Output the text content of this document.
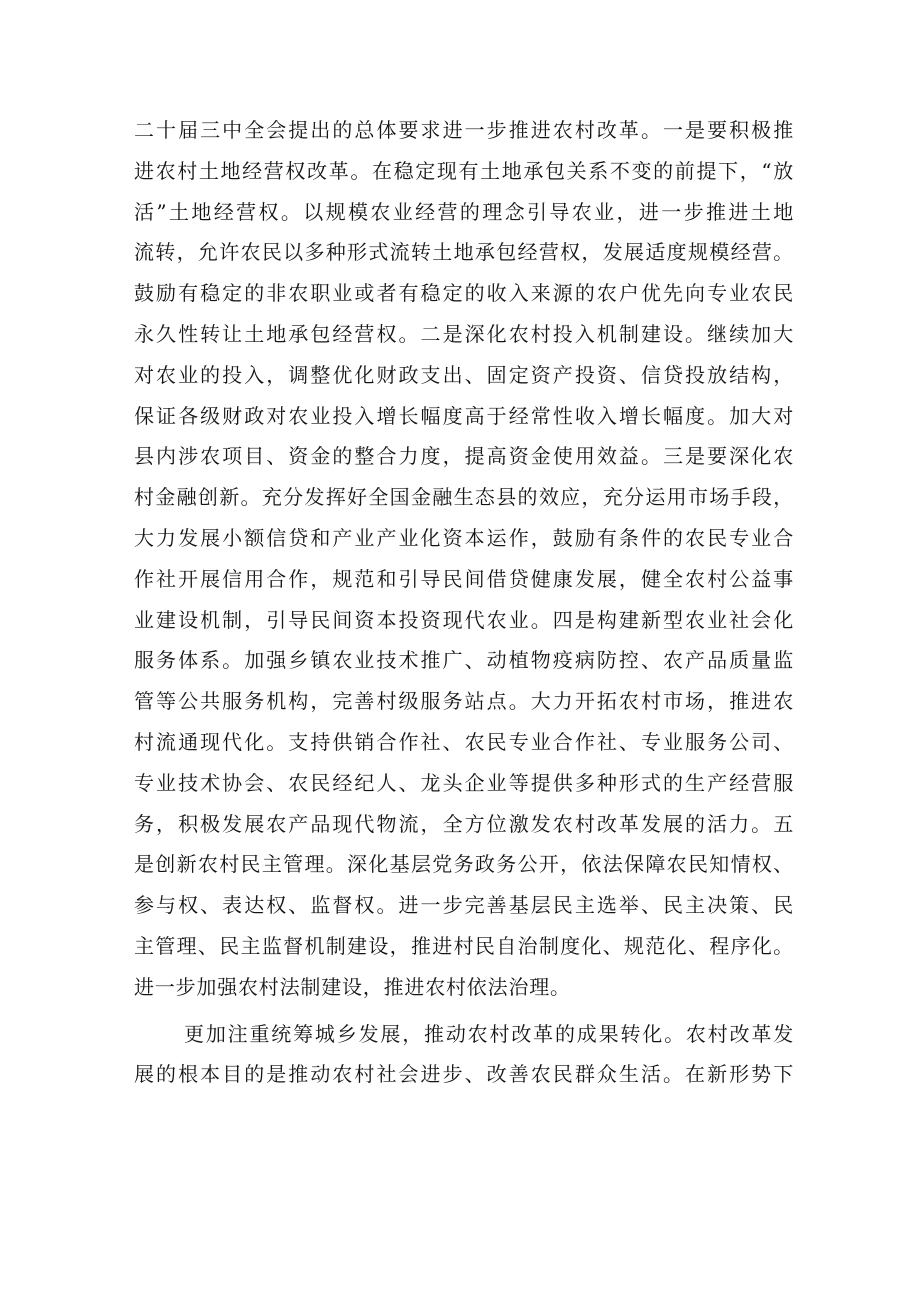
二十届三中全会提出的总体要求进一步推进农村改革。一是要积极推
进农村土地经营权改革。在稳定现有土地承包关系不变的前提下，“放
活”土地经营权。以规模农业经营的理念引导农业，进一步推进土地
流转，允许农民以多种形式流转土地承包经营权，发展适度规模经营。
鼓励有稳定的非农职业或者有稳定的收入来源的农户优先向专业农民
永久性转让土地承包经营权。二是深化农村投入机制建设。继续加大
对农业的投入，调整优化财政支出、固定资产投资、信贷投放结构，
保证各级财政对农业投入增长幅度高于经常性收入增长幅度。加大对
县内涉农项目、资金的整合力度，提高资金使用效益。三是要深化农
村金融创新。充分发挥好全国金融生态县的效应，充分运用市场手段，
大力发展小额信贷和产业产业化资本运作，鼓励有条件的农民专业合
作社开展信用合作，规范和引导民间借贷健康发展，健全农村公益事
业建设机制，引导民间资本投资现代农业。四是构建新型农业社会化
服务体系。加强乡镇农业技术推广、动植物疫病防控、农产品质量监
管等公共服务机构，完善村级服务站点。大力开拓农村市场，推进农
村流通现代化。支持供销合作社、农民专业合作社、专业服务公司、
专业技术协会、农民经纪人、龙头企业等提供多种形式的生产经营服
务，积极发展农产品现代物流，全方位激发农村改革发展的活力。五
是创新农村民主管理。深化基层党务政务公开，依法保障农民知情权、
参与权、表达权、监督权。进一步完善基层民主选举、民主决策、民
主管理、民主监督机制建设，推进村民自治制度化、规范化、程序化。
进一步加强农村法制建设，推进农村依法治理。
更加注重统筹城乡发展，推动农村改革的成果转化。农村改革发
展的根本目的是推动农村社会进步、改善农民群众生活。在新形势下
